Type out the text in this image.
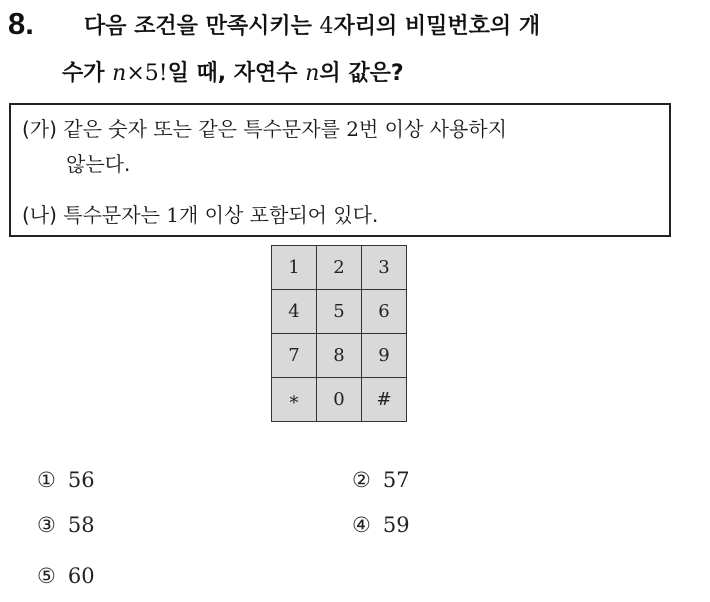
8. 다음 조건을 만족시키는 4자리의 비밀번호의 개
수가 n×5!일 때, 자연수 n의 값은?
(가) 같은 숫자 또는 같은 특수문자를 2번 이상 사용하지
않는다.
(나) 특수문자는 1개 이상 포함되어 있다.
1	2	3
4	5	6
7	8	9
∗	0	#
① 56	② 57
③ 58	④ 59
⑤ 60
